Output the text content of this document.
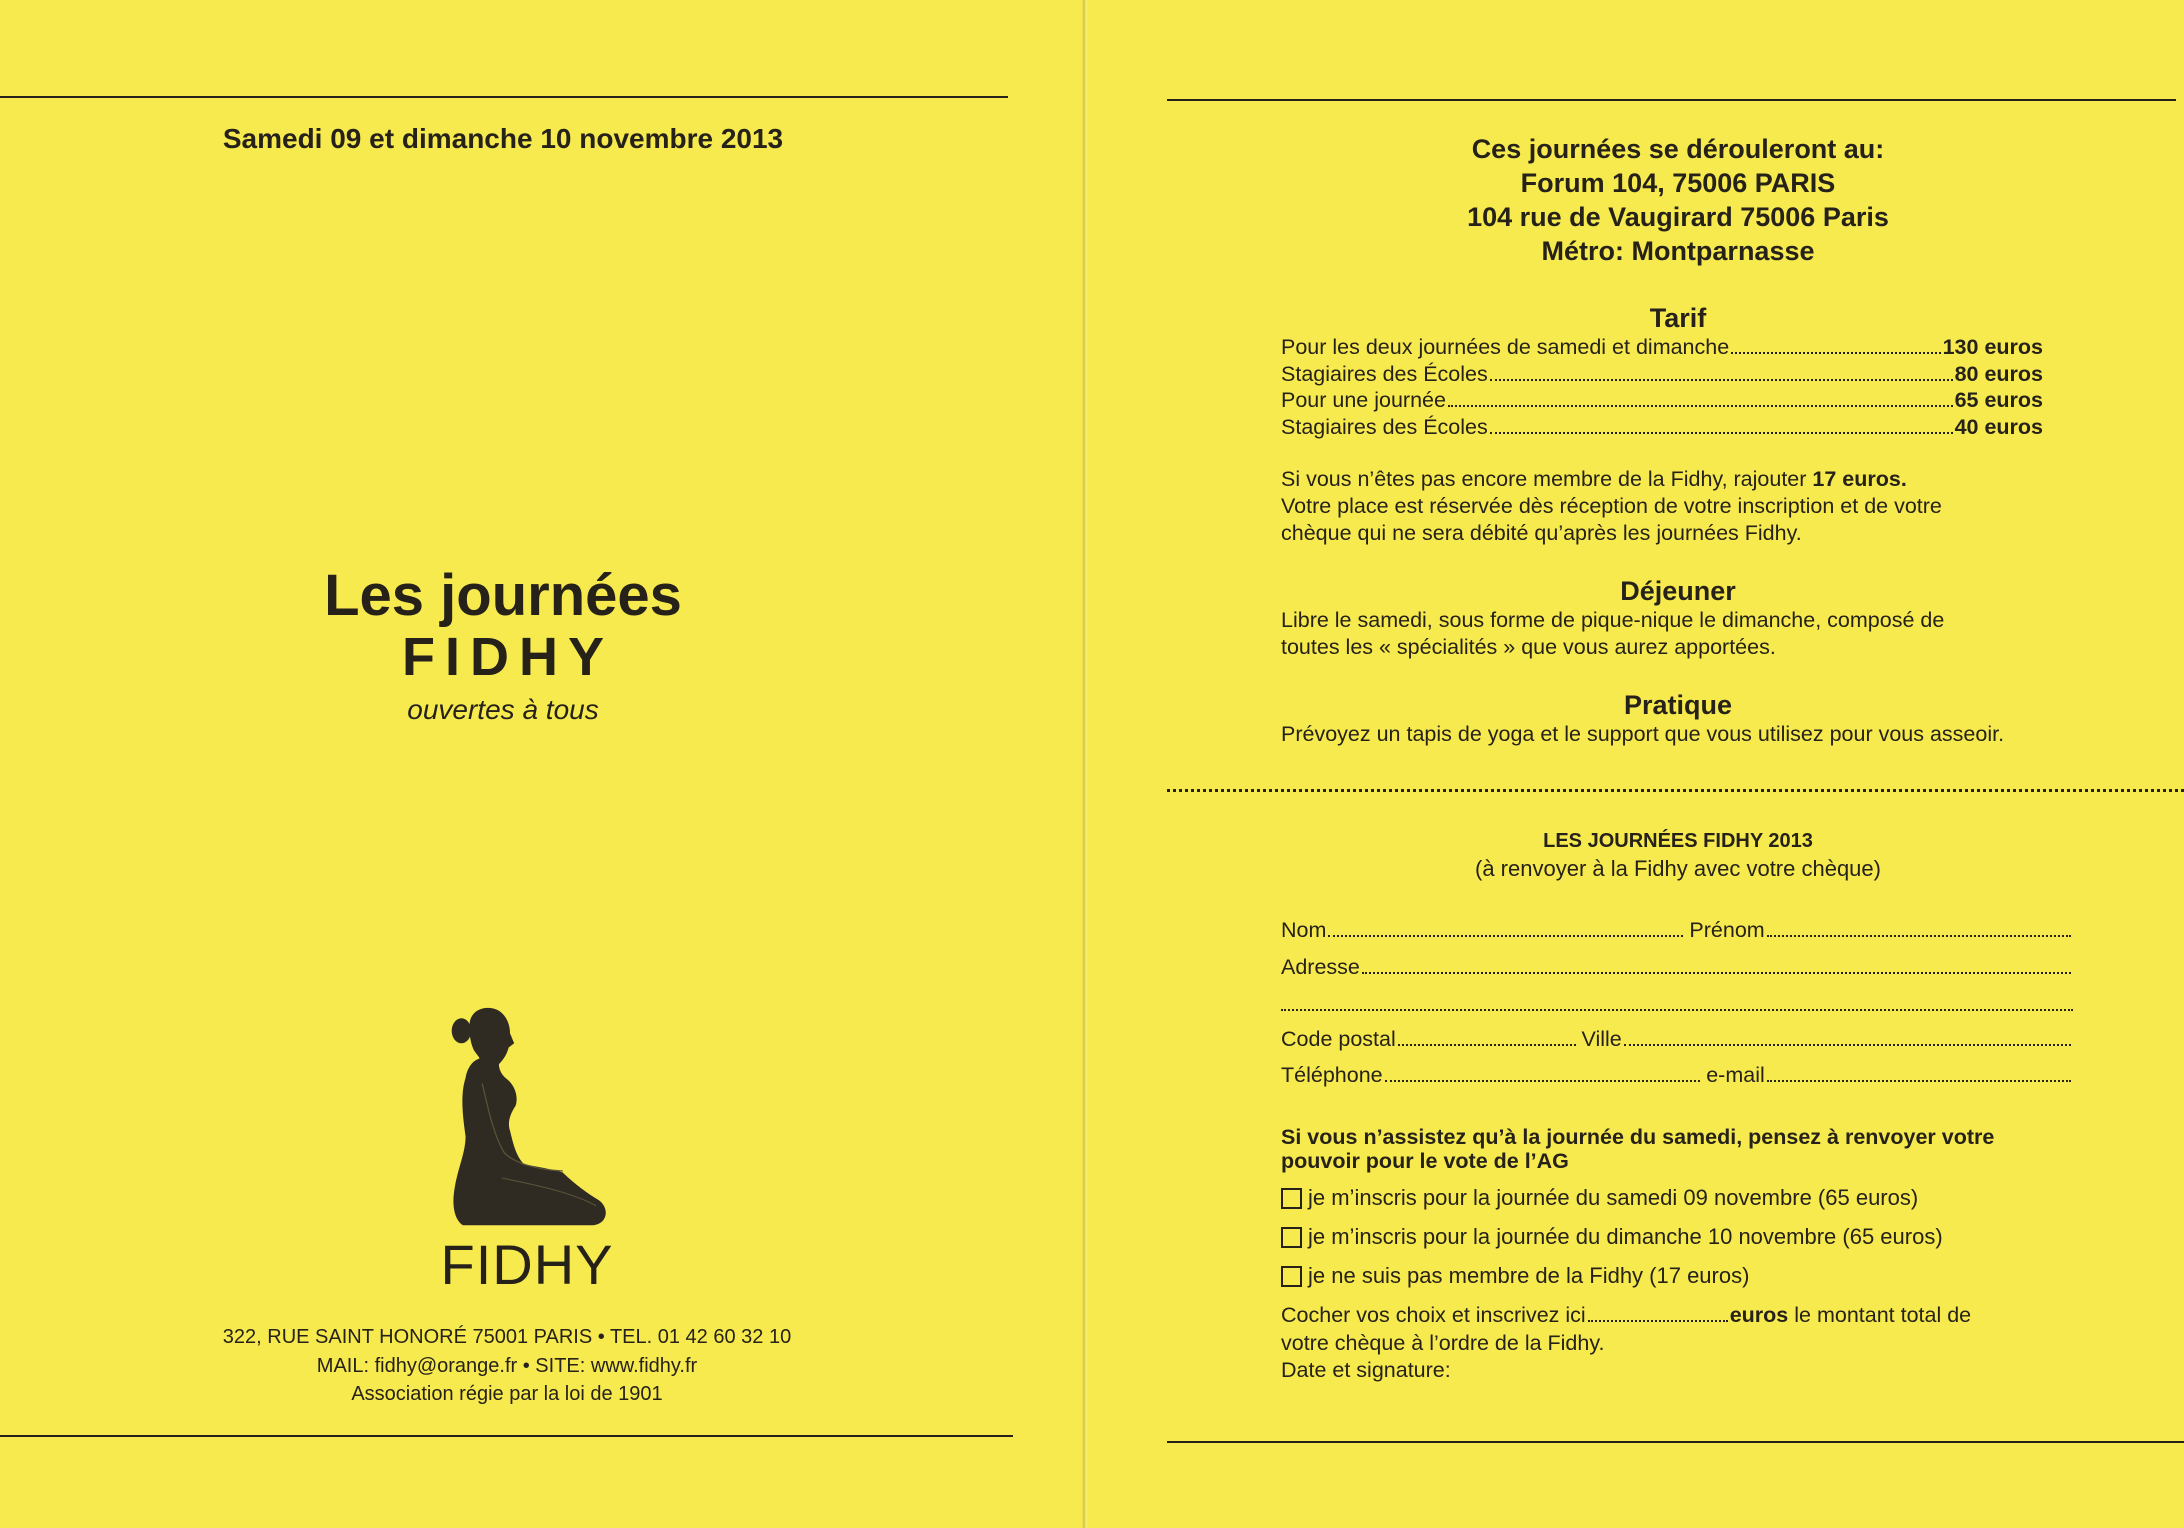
Samedi 09 et dimanche 10 novembre 2013
Les journées
FIDHY
ouvertes à tous
FIDHY
322, RUE SAINT HONORÉ 75001 PARIS • TEL. 01 42 60 32 10
MAIL: fidhy@orange.fr • SITE: www.fidhy.fr
Association régie par la loi de 1901
Ces journées se dérouleront au:
Forum 104, 75006 PARIS
104 rue de Vaugirard 75006 Paris
Métro: Montparnasse
Tarif
Pour les deux journées de samedi et dimanche	130 euros
Stagiaires des Écoles	80 euros
Pour une journée	65 euros
Stagiaires des Écoles	40 euros
Si vous n’êtes pas encore membre de la Fidhy, rajouter 17 euros.
Votre place est réservée dès réception de votre inscription et de votre
chèque qui ne sera débité qu’après les journées Fidhy.
Déjeuner
Libre le samedi, sous forme de pique-nique le dimanche, composé de
toutes les « spécialités » que vous aurez apportées.
Pratique
Prévoyez un tapis de yoga et le support que vous utilisez pour vous asseoir.
LES JOURNÉES FIDHY 2013
(à renvoyer à la Fidhy avec votre chèque)
Nom	Prénom
Adresse
Code postal	Ville
Téléphone	e-mail
Si vous n’assistez qu’à la journée du samedi, pensez à renvoyer votre
pouvoir pour le vote de l’AG
je m’inscris pour la journée du samedi 09 novembre (65 euros)
je m’inscris pour la journée du dimanche 10 novembre (65 euros)
je ne suis pas membre de la Fidhy (17 euros)
Cocher vos choix et inscrivez ici	euros le montant total de
votre chèque à l’ordre de la Fidhy.
Date et signature:
